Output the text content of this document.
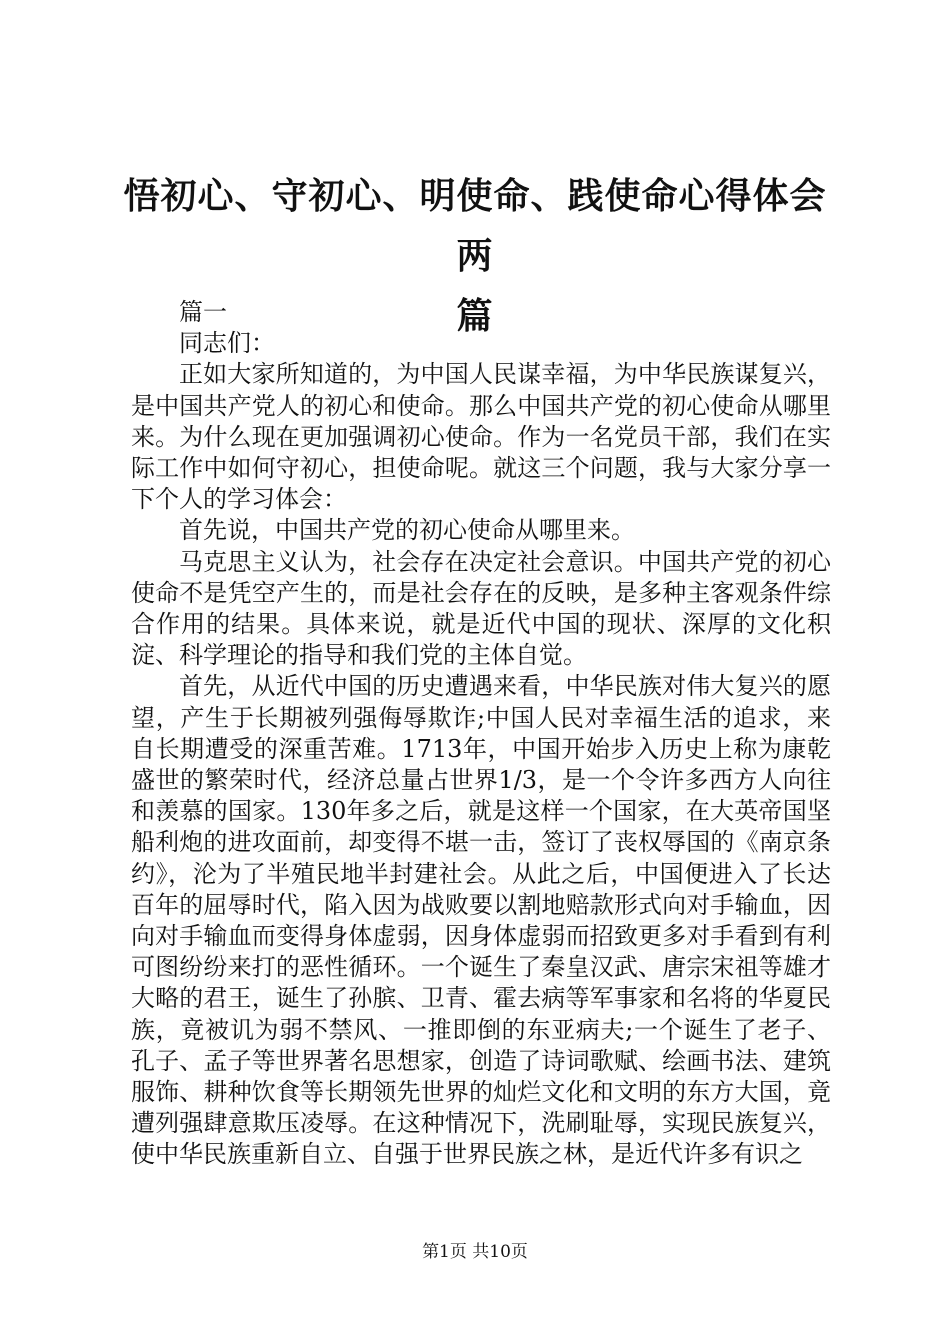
悟初心、守初心、明使命、践使命心得体会两
篇

篇一

同志们：

正如大家所知道的，为中国人民谋幸福，为中华民族谋复兴，是中国共产党人的初心和使命。那么中国共产党的初心使命从哪里来。为什么现在更加强调初心使命。作为一名党员干部，我们在实际工作中如何守初心，担使命呢。就这三个问题，我与大家分享一下个人的学习体会：

首先说，中国共产党的初心使命从哪里来。

马克思主义认为，社会存在决定社会意识。中国共产党的初心使命不是凭空产生的，而是社会存在的反映，是多种主客观条件综合作用的结果。具体来说，就是近代中国的现状、深厚的文化积淀、科学理论的指导和我们党的主体自觉。

首先，从近代中国的历史遭遇来看，中华民族对伟大复兴的愿望，产生于长期被列强侮辱欺诈;中国人民对幸福生活的追求，来自长期遭受的深重苦难。1713年，中国开始步入历史上称为康乾盛世的繁荣时代，经济总量占世界1/3，是一个令许多西方人向往和羡慕的国家。130年多之后，就是这样一个国家，在大英帝国坚船利炮的进攻面前，却变得不堪一击，签订了丧权辱国的《南京条约》，沦为了半殖民地半封建社会。从此之后，中国便进入了长达百年的屈辱时代，陷入因为战败要以割地赔款形式向对手输血，因向对手输血而变得身体虚弱，因身体虚弱而招致更多对手看到有利可图纷纷来打的恶性循环。一个诞生了秦皇汉武、唐宗宋祖等雄才大略的君王，诞生了孙膑、卫青、霍去病等军事家和名将的华夏民族，竟被讥为弱不禁风、一推即倒的东亚病夫;一个诞生了老子、孔子、孟子等世界著名思想家，创造了诗词歌赋、绘画书法、建筑服饰、耕种饮食等长期领先世界的灿烂文化和文明的东方大国，竟遭列强肆意欺压凌辱。在这种情况下，洗刷耻辱，实现民族复兴，使中华民族重新自立、自强于世界民族之林，是近代许多有识之

第1页 共10页
